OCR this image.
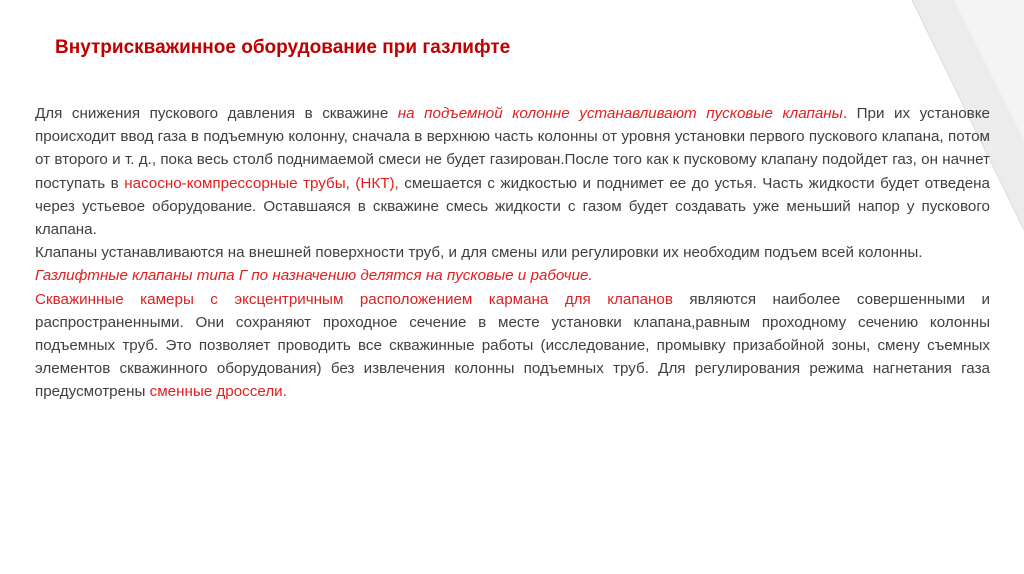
Внутрискважинное оборудование при газлифте

Для снижения пускового давления в скважине на подъемной колонне устанавливают пусковые клапаны. При их установке происходит ввод газа в подъемную колонну, сначала в верхнюю часть колонны от уровня установки первого пускового клапана, потом от второго и т. д., пока весь столб поднимаемой смеси не будет газирован.После того как к пусковому клапану подойдет газ, он начнет поступать в насосно-компрессорные трубы, (НКТ), смешается с жидкостью и поднимет ее до устья. Часть жидкости будет отведена через устьевое оборудование. Оставшаяся в скважине смесь жидкости с газом будет создавать уже меньший напор у пускового клапана.

Клапаны устанавливаются на внешней поверхности труб, и для смены или регулировки их необходим подъем всей колонны.

Газлифтные клапаны типа Г по назначению делятся на пусковые и рабочие.

Скважинные камеры с эксцентричным расположением кармана для клапанов являются наиболее совершенными и распространенными. Они сохраняют проходное сечение в месте установки клапана,равным проходному сечению колонны подъемных труб. Это позволяет проводить все скважинные работы (исследование, промывку призабойной зоны, смену съемных элементов скважинного оборудования) без извлечения колонны подъемных труб. Для регулирования режима нагнетания газа предусмотрены сменные дроссели.
